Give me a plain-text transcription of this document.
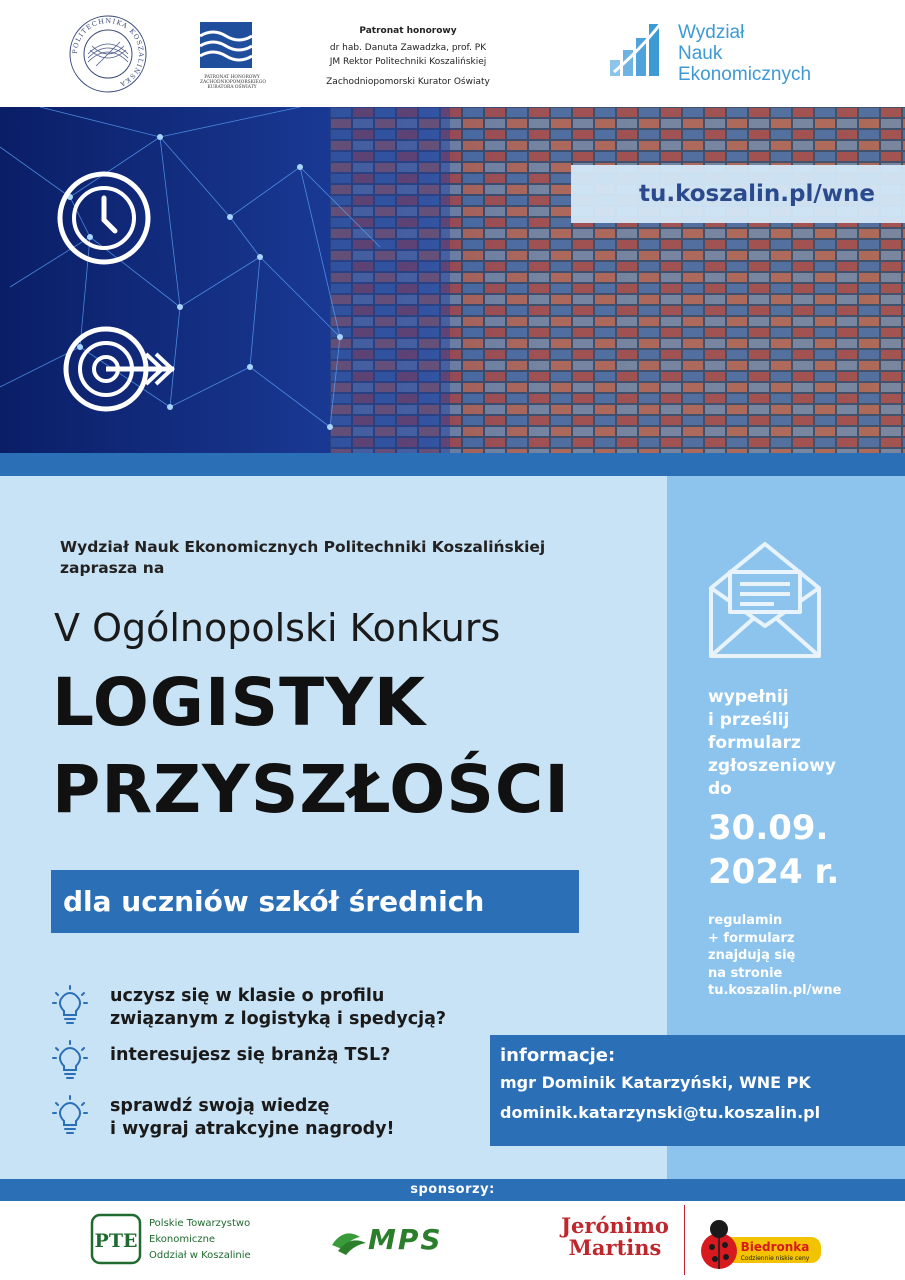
POLITECHNIKA KOSZALIŃSKA
PATRONAT HONOROWY ZACHODNIOPOMORSKIEGO KURATORA OŚWIATY
Patronat honorowy
dr hab. Danuta Zawadzka, prof. PK
JM Rektor Politechniki Koszalińskiej
Zachodniopomorski Kurator Oświaty
Wydział
Nauk
Ekonomicznych
tu.koszalin.pl/wne
Wydział Nauk Ekonomicznych Politechniki Koszalińskiej
zaprasza na
V Ogólnopolski Konkurs
LOGISTYK
PRZYSZŁOŚCI
dla uczniów szkół średnich
uczysz się w klasie o profilu
związanym z logistyką i spedycją?
interesujesz się branżą TSL?
sprawdź swoją wiedzę
i wygraj atrakcyjne nagrody!
wypełnij
i prześlij
formularz
zgłoszeniowy
do
30.09.
2024 r.
regulamin
+ formularz
znajdują się
na stronie
tu.koszalin.pl/wne
informacje:
mgr Dominik Katarzyński, WNE PK
dominik.katarzynski@tu.koszalin.pl
sponsorzy:
PTE
Polskie Towarzystwo
Ekonomiczne
Oddział w Koszalinie	MPS	Jerónimo
Martins	Biedronka
Codziennie niskie ceny
